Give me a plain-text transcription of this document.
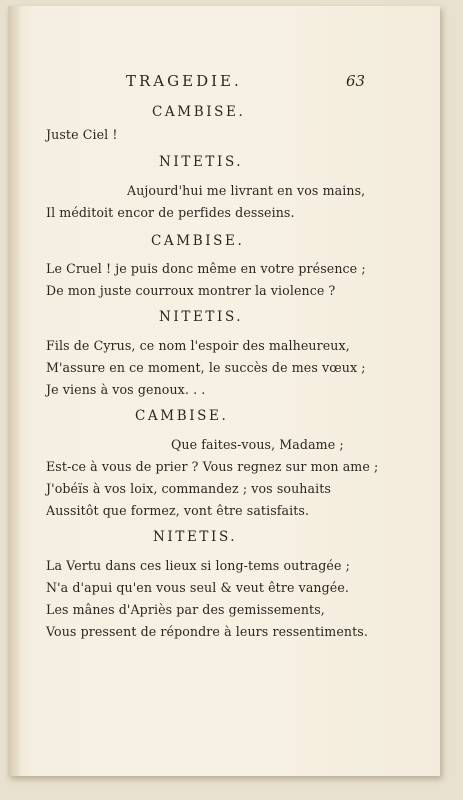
TRAGEDIE.	63
CAMBISE.
Juste Ciel !
NITETIS.
Aujourd'hui me livrant en vos mains,
Il méditoit encor de perfides desseins.
CAMBISE.
Le Cruel ! je puis donc même en votre présence ;
De mon juste courroux montrer la violence ?
NITETIS.
Fils de Cyrus, ce nom l'espoir des malheureux,
M'assure en ce moment, le succès de mes vœux ;
Je viens à vos genoux. . .
CAMBISE.
Que faites-vous, Madame ;
Est-ce à vous de prier ? Vous regnez sur mon ame ;
J'obéïs à vos loix, commandez ; vos souhaits
Aussitôt que formez, vont être satisfaits.
NITETIS.
La Vertu dans ces lieux si long-tems outragée ;
N'a d'apui qu'en vous seul & veut être vangée.
Les mânes d'Apriès par des gemissements,
Vous pressent de répondre à leurs ressentiments.
